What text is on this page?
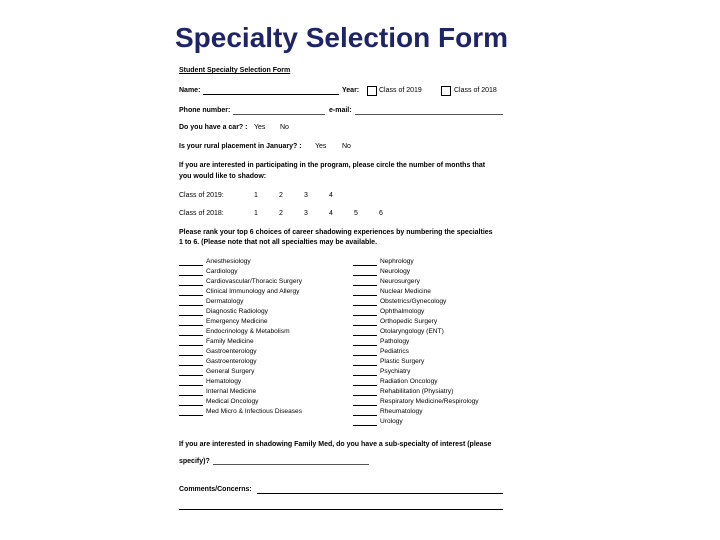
Specialty Selection Form
Student Specialty Selection Form
Name:	Year:	Class of 2019	Class of 2018
Phone number:	e-mail:
Do you have a car? : Yes No
Is your rural placement in January? : Yes No
If you are interested in participating in the program, please circle the number of months that
you would like to shadow:
Class of 2019:	1	2	3	4
Class of 2018:	1	2	3	4	5	6
Please rank your top 6 choices of career shadowing experiences by numbering the specialties
1 to 6. (Please note that not all specialties may be available.
Anesthesiology
Cardiology
Cardiovascular/Thoracic Surgery
Clinical Immunology and Allergy
Dermatology
Diagnostic Radiology
Emergency Medicine
Endocrinology & Metabolism
Family Medicine
Gastroenterology
Gastroenterology
General Surgery
Hematology
Internal Medicine
Medical Oncology
Med Micro & Infectious Diseases
Nephrology
Neurology
Neurosurgery
Nuclear Medicine
Obstetrics/Gynecology
Ophthalmology
Orthopedic Surgery
Otolaryngology (ENT)
Pathology
Pediatrics
Plastic Surgery
Psychiatry
Radiation Oncology
Rehabilitation (Physiatry)
Respiratory Medicine/Respirology
Rheumatology
Urology
If you are interested in shadowing Family Med, do you have a sub-specialty of interest (please
specify)?
Comments/Concerns:
